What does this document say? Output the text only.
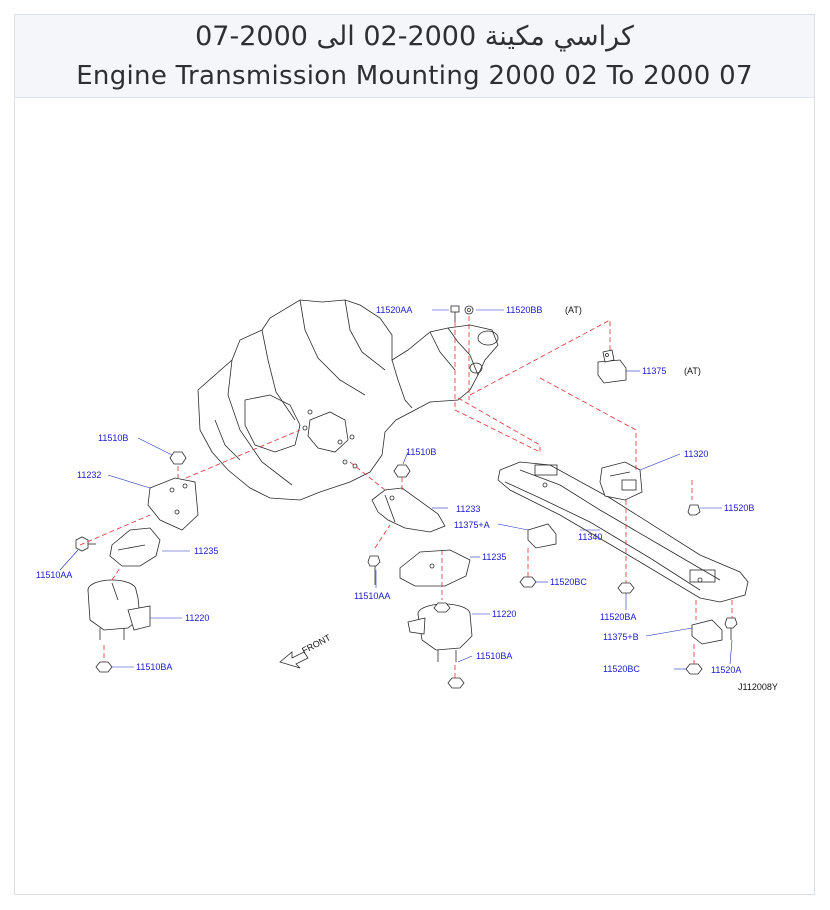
كراسي مكينة 2000-02 الى 2000-07
Engine Transmission Mounting 2000 02 To 2000 07
11520AA	11520BB	(AT)
11375 (AT)
11510B
11232
11510B	11320
11233
11375+A
11520B
11235
11340
11510AA
11235
11520BC
11510AA
11520BA
11220	11220
11375+B
FRONT
11510BA
11510BA	11520BC	11520A
J112008Y
